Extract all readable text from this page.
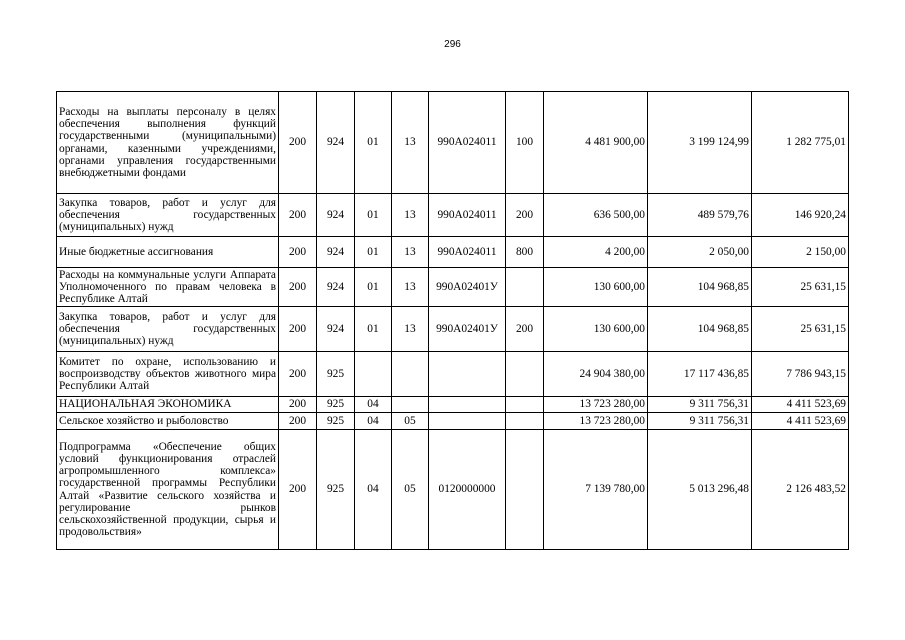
296
Расходы на выплаты персоналу в целях обеспечения выполнения функций государственными (муниципальными) органами, казенными учреждениями, органами управления государственными внебюджетными фондами	200	924	01	13	990А024011	100	4 481 900,00	3 199 124,99	1 282 775,01
Закупка товаров, работ и услуг для обеспечения государственных (муниципальных) нужд	200	924	01	13	990А024011	200	636 500,00	489 579,76	146 920,24
Иные бюджетные ассигнования	200	924	01	13	990А024011	800	4 200,00	2 050,00	2 150,00
Расходы на коммунальные услуги Аппарата Уполномоченного по правам человека в Республике Алтай	200	924	01	13	990А02401У		130 600,00	104 968,85	25 631,15
Закупка товаров, работ и услуг для обеспечения государственных (муниципальных) нужд	200	924	01	13	990А02401У	200	130 600,00	104 968,85	25 631,15
Комитет по охране, использованию и воспроизводству объектов животного мира Республики Алтай	200	925					24 904 380,00	17 117 436,85	7 786 943,15
НАЦИОНАЛЬНАЯ ЭКОНОМИКА	200	925	04				13 723 280,00	9 311 756,31	4 411 523,69
Сельское хозяйство и рыболовство	200	925	04	05			13 723 280,00	9 311 756,31	4 411 523,69
Подпрограмма «Обеспечение общих условий функционирования отраслей агропромышленного комплекса» государственной программы Республики Алтай «Развитие сельского хозяйства и регулирование рынков сельскохозяйственной продукции, сырья и продовольствия»	200	925	04	05	0120000000		7 139 780,00	5 013 296,48	2 126 483,52
